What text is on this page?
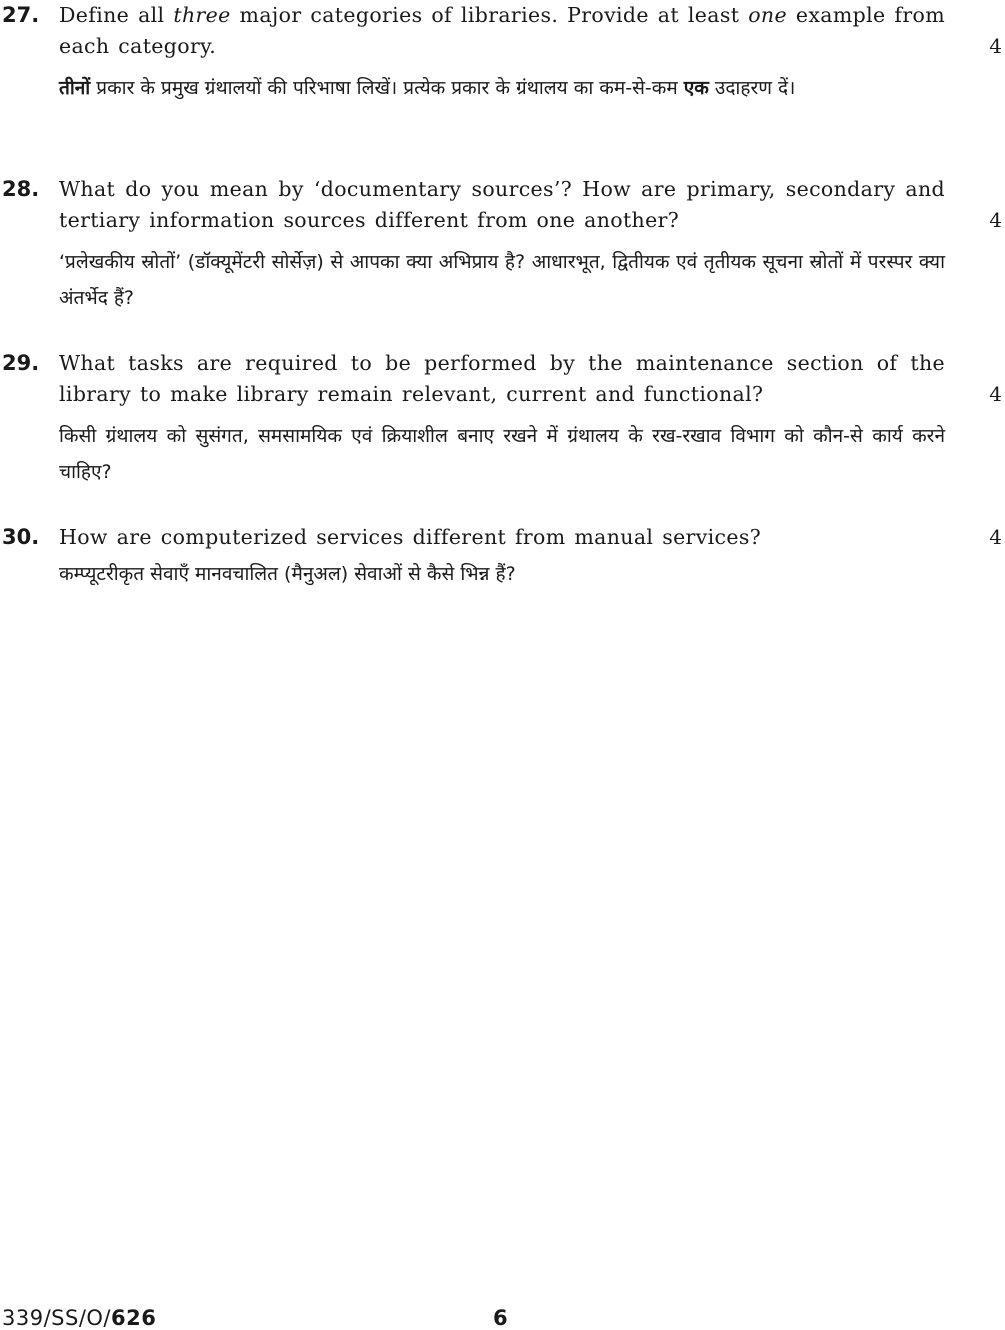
27. Define all three major categories of libraries. Provide at least one example from each category.
तीनों प्रकार के प्रमुख ग्रंथालयों की परिभाषा लिखें। प्रत्येक प्रकार के ग्रंथालय का कम-से-कम एक उदाहरण दें।
4
28. What do you mean by ‘documentary sources’? How are primary, secondary and tertiary information sources different from one another?
‘प्रलेखकीय स्रोतों’ (डॉक्यूमेंटरी सोर्सेज़) से आपका क्या अभिप्राय है? आधारभूत, द्वितीयक एवं तृतीयक सूचना स्रोतों में परस्पर क्या अंतर्भेद हैं?
4
29. What tasks are required to be performed by the maintenance section of the library to make library remain relevant, current and functional?
किसी ग्रंथालय को सुसंगत, समसामयिक एवं क्रियाशील बनाए रखने में ग्रंथालय के रख-रखाव विभाग को कौन-से कार्य करने चाहिए?
4
30. How are computerized services different from manual services?
कम्प्यूटरीकृत सेवाएँ मानवचालित (मैनुअल) सेवाओं से कैसे भिन्न हैं?
4
339/SS/O/626	6
